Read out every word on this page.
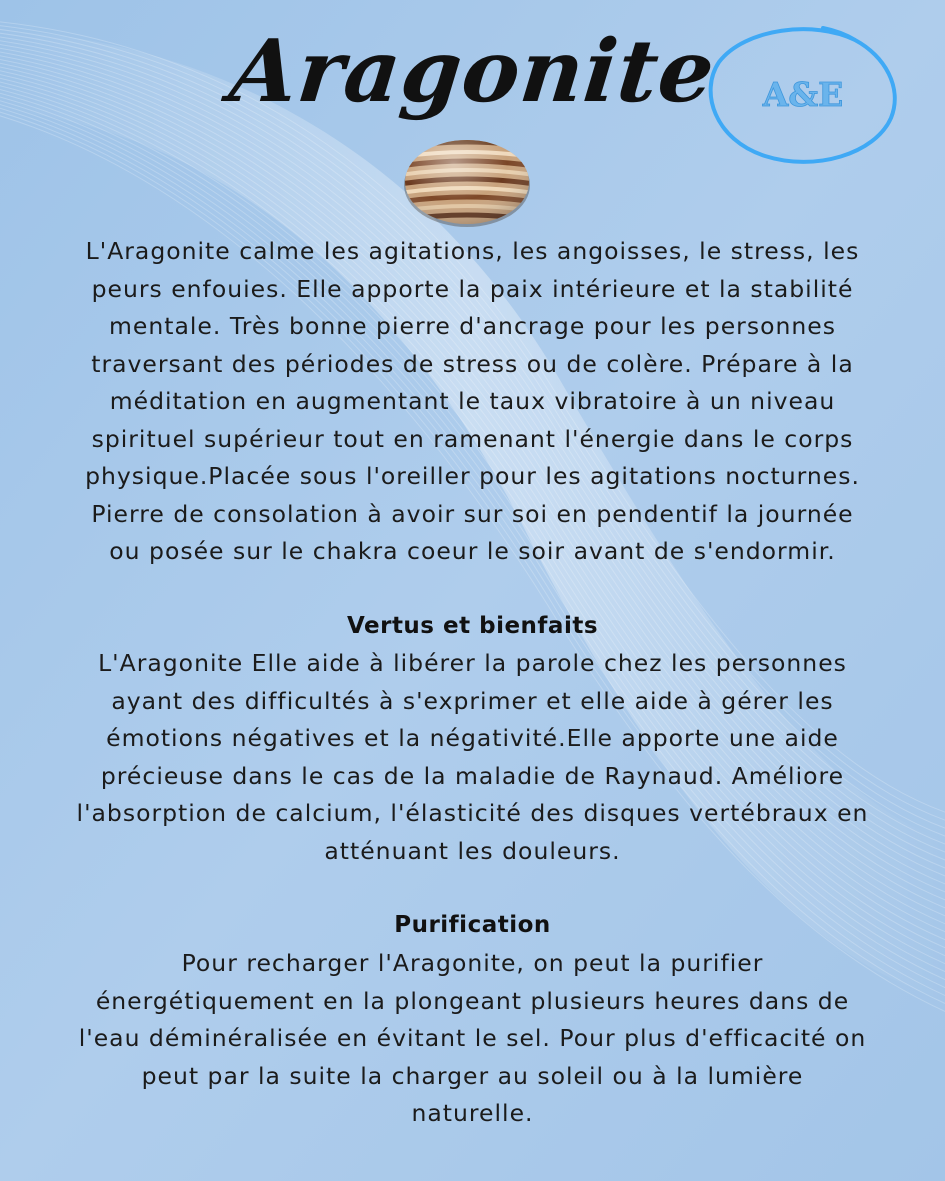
Aragonite	A&E
L'Aragonite calme les agitations, les angoisses, le stress, les
peurs enfouies. Elle apporte la paix intérieure et la stabilité
mentale. Très bonne pierre d'ancrage pour les personnes
traversant des périodes de stress ou de colère. Prépare à la
méditation en augmentant le taux vibratoire à un niveau
spirituel supérieur tout en ramenant l'énergie dans le corps
physique.Placée sous l'oreiller pour les agitations nocturnes.
Pierre de consolation à avoir sur soi en pendentif la journée
ou posée sur le chakra coeur le soir avant de s'endormir.
Vertus et bienfaits
L'Aragonite Elle aide à libérer la parole chez les personnes
ayant des difficultés à s'exprimer et elle aide à gérer les
émotions négatives et la négativité.Elle apporte une aide
précieuse dans le cas de la maladie de Raynaud. Améliore
l'absorption de calcium, l'élasticité des disques vertébraux en
atténuant les douleurs.
Purification
Pour recharger l'Aragonite, on peut la purifier
énergétiquement en la plongeant plusieurs heures dans de
l'eau déminéralisée en évitant le sel. Pour plus d'efficacité on
peut par la suite la charger au soleil ou à la lumière
naturelle.
